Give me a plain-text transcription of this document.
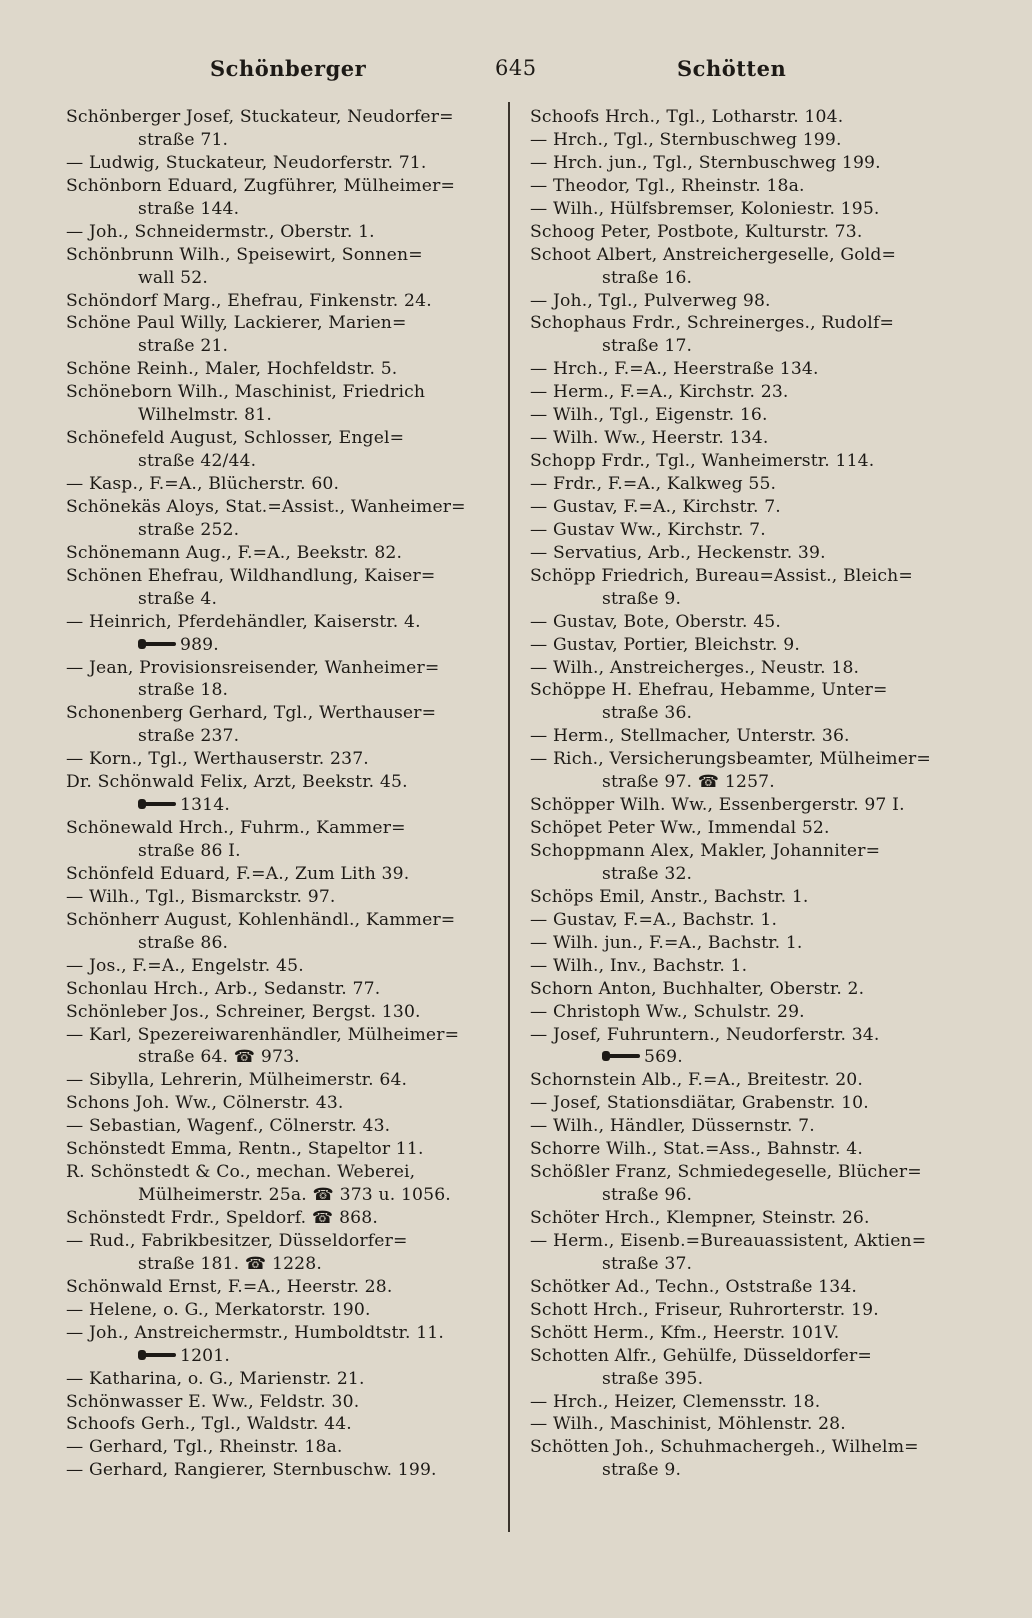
Schönberger	645	Schötten
Schönberger Josef, Stuckateur, Neudorfer=
straße 71.
— Ludwig, Stuckateur, Neudorferstr. 71.
Schönborn Eduard, Zugführer, Mülheimer=
straße 144.
— Joh., Schneidermstr., Oberstr. 1.
Schönbrunn Wilh., Speisewirt, Sonnen=
wall 52.
Schöndorf Marg., Ehefrau, Finkenstr. 24.
Schöne Paul Willy, Lackierer, Marien=
straße 21.
Schöne Reinh., Maler, Hochfeldstr. 5.
Schöneborn Wilh., Maschinist, Friedrich
Wilhelmstr. 81.
Schönefeld August, Schlosser, Engel=
straße 42/44.
— Kasp., F.=A., Blücherstr. 60.
Schönekäs Aloys, Stat.=Assist., Wanheimer=
straße 252.
Schönemann Aug., F.=A., Beekstr. 82.
Schönen Ehefrau, Wildhandlung, Kaiser=
straße 4.
— Heinrich, Pferdehändler, Kaiserstr. 4.
989.
— Jean, Provisionsreisender, Wanheimer=
straße 18.
Schonenberg Gerhard, Tgl., Werthauser=
straße 237.
— Korn., Tgl., Werthauserstr. 237.
Dr. Schönwald Felix, Arzt, Beekstr. 45.
1314.
Schönewald Hrch., Fuhrm., Kammer=
straße 86 I.
Schönfeld Eduard, F.=A., Zum Lith 39.
— Wilh., Tgl., Bismarckstr. 97.
Schönherr August, Kohlenhändl., Kammer=
straße 86.
— Jos., F.=A., Engelstr. 45.
Schonlau Hrch., Arb., Sedanstr. 77.
Schönleber Jos., Schreiner, Bergst. 130.
— Karl, Spezereiwarenhändler, Mülheimer=
straße 64. ☎ 973.
— Sibylla, Lehrerin, Mülheimerstr. 64.
Schons Joh. Ww., Cölnerstr. 43.
— Sebastian, Wagenf., Cölnerstr. 43.
Schönstedt Emma, Rentn., Stapeltor 11.
R. Schönstedt & Co., mechan. Weberei,
Mülheimerstr. 25a. ☎ 373 u. 1056.
Schönstedt Frdr., Speldorf. ☎ 868.
— Rud., Fabrikbesitzer, Düsseldorfer=
straße 181. ☎ 1228.
Schönwald Ernst, F.=A., Heerstr. 28.
— Helene, o. G., Merkatorstr. 190.
— Joh., Anstreichermstr., Humboldtstr. 11.
1201.
— Katharina, o. G., Marienstr. 21.
Schönwasser E. Ww., Feldstr. 30.
Schoofs Gerh., Tgl., Waldstr. 44.
— Gerhard, Tgl., Rheinstr. 18a.
— Gerhard, Rangierer, Sternbuschw. 199.
Schoofs Hrch., Tgl., Lotharstr. 104.
— Hrch., Tgl., Sternbuschweg 199.
— Hrch. jun., Tgl., Sternbuschweg 199.
— Theodor, Tgl., Rheinstr. 18a.
— Wilh., Hülfsbremser, Koloniestr. 195.
Schoog Peter, Postbote, Kulturstr. 73.
Schoot Albert, Anstreichergeselle, Gold=
straße 16.
— Joh., Tgl., Pulverweg 98.
Schophaus Frdr., Schreinerges., Rudolf=
straße 17.
— Hrch., F.=A., Heerstraße 134.
— Herm., F.=A., Kirchstr. 23.
— Wilh., Tgl., Eigenstr. 16.
— Wilh. Ww., Heerstr. 134.
Schopp Frdr., Tgl., Wanheimerstr. 114.
— Frdr., F.=A., Kalkweg 55.
— Gustav, F.=A., Kirchstr. 7.
— Gustav Ww., Kirchstr. 7.
— Servatius, Arb., Heckenstr. 39.
Schöpp Friedrich, Bureau=Assist., Bleich=
straße 9.
— Gustav, Bote, Oberstr. 45.
— Gustav, Portier, Bleichstr. 9.
— Wilh., Anstreicherges., Neustr. 18.
Schöppe H. Ehefrau, Hebamme, Unter=
straße 36.
— Herm., Stellmacher, Unterstr. 36.
— Rich., Versicherungsbeamter, Mülheimer=
straße 97. ☎ 1257.
Schöpper Wilh. Ww., Essenbergerstr. 97 I.
Schöpet Peter Ww., Immendal 52.
Schoppmann Alex, Makler, Johanniter=
straße 32.
Schöps Emil, Anstr., Bachstr. 1.
— Gustav, F.=A., Bachstr. 1.
— Wilh. jun., F.=A., Bachstr. 1.
— Wilh., Inv., Bachstr. 1.
Schorn Anton, Buchhalter, Oberstr. 2.
— Christoph Ww., Schulstr. 29.
— Josef, Fuhruntern., Neudorferstr. 34.
569.
Schornstein Alb., F.=A., Breitestr. 20.
— Josef, Stationsdiätar, Grabenstr. 10.
— Wilh., Händler, Düssernstr. 7.
Schorre Wilh., Stat.=Ass., Bahnstr. 4.
Schößler Franz, Schmiedegeselle, Blücher=
straße 96.
Schöter Hrch., Klempner, Steinstr. 26.
— Herm., Eisenb.=Bureauassistent, Aktien=
straße 37.
Schötker Ad., Techn., Oststraße 134.
Schott Hrch., Friseur, Ruhrorterstr. 19.
Schött Herm., Kfm., Heerstr. 101V.
Schotten Alfr., Gehülfe, Düsseldorfer=
straße 395.
— Hrch., Heizer, Clemensstr. 18.
— Wilh., Maschinist, Möhlenstr. 28.
Schötten Joh., Schuhmachergeh., Wilhelm=
straße 9.
